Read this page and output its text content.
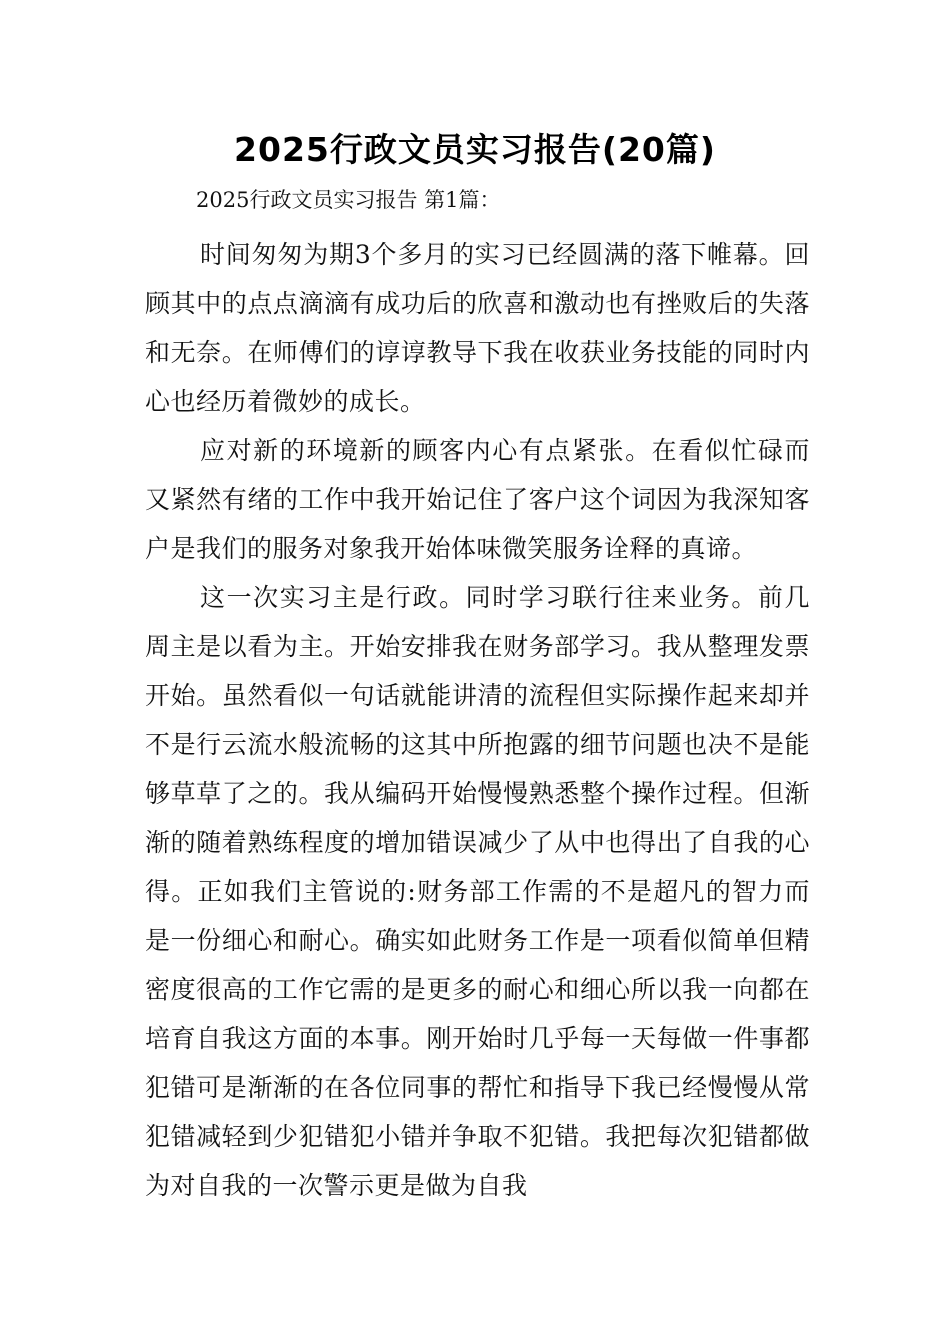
2025行政文员实习报告(20篇)

2025行政文员实习报告 第1篇：

时间匆匆为期3个多月的实习已经圆满的落下帷幕。回顾其中的点点滴滴有成功后的欣喜和激动也有挫败后的失落和无奈。在师傅们的谆谆教导下我在收获业务技能的同时内心也经历着微妙的成长。

应对新的环境新的顾客内心有点紧张。在看似忙碌而又紧然有绪的工作中我开始记住了客户这个词因为我深知客户是我们的服务对象我开始体味微笑服务诠释的真谛。

这一次实习主是行政。同时学习联行往来业务。前几周主是以看为主。开始安排我在财务部学习。我从整理发票开始。虽然看似一句话就能讲清的流程但实际操作起来却并不是行云流水般流畅的这其中所抱露的细节问题也决不是能够草草了之的。我从编码开始慢慢熟悉整个操作过程。但渐渐的随着熟练程度的增加错误减少了从中也得出了自我的心得。正如我们主管说的:财务部工作需的不是超凡的智力而是一份细心和耐心。确实如此财务工作是一项看似简单但精密度很高的工作它需的是更多的耐心和细心所以我一向都在培育自我这方面的本事。刚开始时几乎每一天每做一件事都犯错可是渐渐的在各位同事的帮忙和指导下我已经慢慢从常犯错减轻到少犯错犯小错并争取不犯错。我把每次犯错都做为对自我的一次警示更是做为自我
